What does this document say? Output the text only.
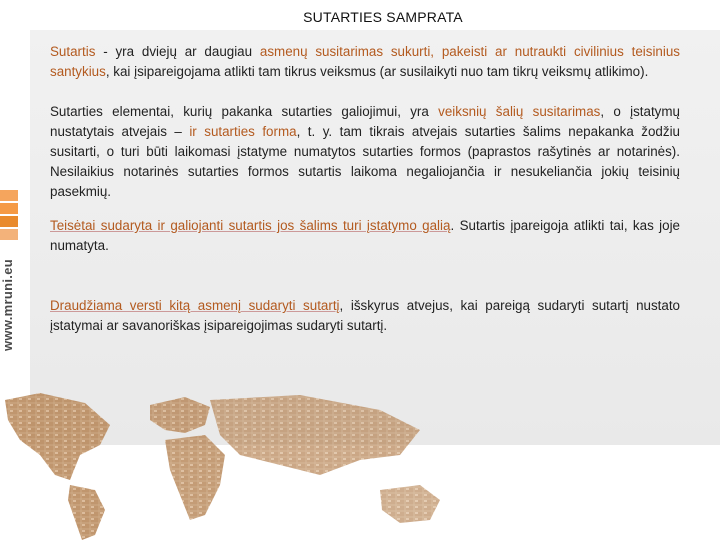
SUTARTIES SAMPRATA
www.mruni.eu

Sutartis - yra dviejų ar daugiau asmenų susitarimas sukurti, pakeisti ar nutraukti civilinius teisinius santykius, kai įsipareigojama atlikti tam tikrus veiksmus (ar susilaikyti nuo tam tikrų veiksmų atlikimo).

Sutarties elementai, kurių pakanka sutarties galiojimui, yra veiksnių šalių susitarimas, o įstatymų nustatytais atvejais – ir sutarties forma, t. y. tam tikrais atvejais sutarties šalims nepakanka žodžiu susitarti, o turi būti laikomasi įstatyme numatytos sutarties formos (paprastos rašytinės ar notarinės). Nesilaikius notarinės sutarties formos sutartis laikoma negaliojančia ir nesukeliančia jokių teisinių pasekmių.

Teisėtai sudaryta ir galiojanti sutartis jos šalims turi įstatymo galią. Sutartis įpareigoja atlikti tai, kas joje numatyta.

Draudžiama versti kitą asmenį sudaryti sutartį, išskyrus atvejus, kai pareigą sudaryti sutartį nustato įstatymai ar savanoriškas įsipareigojimas sudaryti sutartį.
